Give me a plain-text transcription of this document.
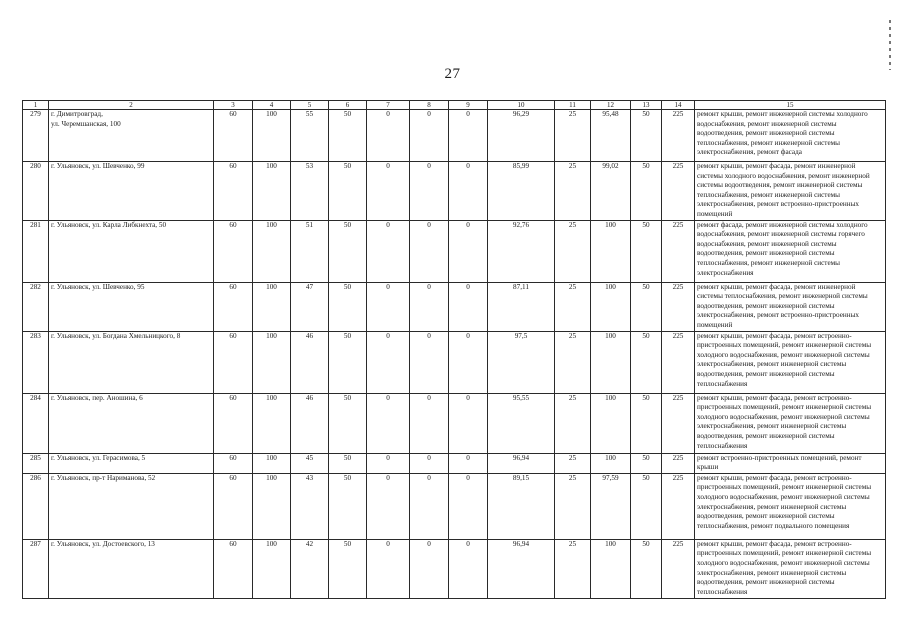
27
1	2	3	4	5	6	7	8	9	10	11	12	13	14	15
279	г. Димитровград,
ул. Черемшанская, 100	60	100	55	50	0	0	0	96,29	25	95,48	50	225	ремонт крыши, ремонт инженерной системы холодного водоснабжения, ремонт инженерной системы водоотведения, ремонт инженерной системы теплоснабжения, ремонт инженерной системы электроснабжения, ремонт фасада
280	г. Ульяновск, ул. Шевченко, 99	60	100	53	50	0	0	0	85,99	25	99,02	50	225	ремонт крыши, ремонт фасада, ремонт инженерной системы холодного водоснабжения, ремонт инженерной системы водоотведения, ремонт инженерной системы теплоснабжения, ремонт инженерной системы электроснабжения, ремонт встроенно-пристроенных помещений
281	г. Ульяновск, ул. Карла Либкнехта, 50	60	100	51	50	0	0	0	92,76	25	100	50	225	ремонт фасада, ремонт инженерной системы холодного водоснабжения, ремонт инженерной системы горячего водоснабжения, ремонт инженерной системы водоотведения, ремонт инженерной системы теплоснабжения, ремонт инженерной системы электроснабжения
282	г. Ульяновск, ул. Шевченко, 95	60	100	47	50	0	0	0	87,11	25	100	50	225	ремонт крыши, ремонт фасада, ремонт инженерной системы теплоснабжения, ремонт инженерной системы водоотведения, ремонт инженерной системы электроснабжения, ремонт встроенно-пристроенных помещений
283	г. Ульяновск, ул. Богдана Хмельницкого, 8	60	100	46	50	0	0	0	97,5	25	100	50	225	ремонт крыши, ремонт фасада, ремонт встроенно-пристроенных помещений, ремонт инженерной системы холодного водоснабжения, ремонт инженерной системы электроснабжения, ремонт инженерной системы водоотведения, ремонт инженерной системы теплоснабжения
284	г. Ульяновск, пер. Аношина, 6	60	100	46	50	0	0	0	95,55	25	100	50	225	ремонт крыши, ремонт фасада, ремонт встроенно-пристроенных помещений, ремонт инженерной системы холодного водоснабжения, ремонт инженерной системы электроснабжения, ремонт инженерной системы водоотведения, ремонт инженерной системы теплоснабжения
285	г. Ульяновск, ул. Герасимова, 5	60	100	45	50	0	0	0	96,94	25	100	50	225	ремонт встроенно-пристроенных помещений, ремонт крыши
286	г. Ульяновск, пр-т Нариманова, 52	60	100	43	50	0	0	0	89,15	25	97,59	50	225	ремонт крыши, ремонт фасада, ремонт встроенно-пристроенных помещений, ремонт инженерной системы холодного водоснабжения, ремонт инженерной системы электроснабжения, ремонт инженерной системы водоотведения, ремонт инженерной системы теплоснабжения, ремонт подвального помещения
287	г. Ульяновск, ул. Достоевского, 13	60	100	42	50	0	0	0	96,94	25	100	50	225	ремонт крыши, ремонт фасада, ремонт встроенно-пристроенных помещений, ремонт инженерной системы холодного водоснабжения, ремонт инженерной системы электроснабжения, ремонт инженерной системы водоотведения, ремонт инженерной системы теплоснабжения
